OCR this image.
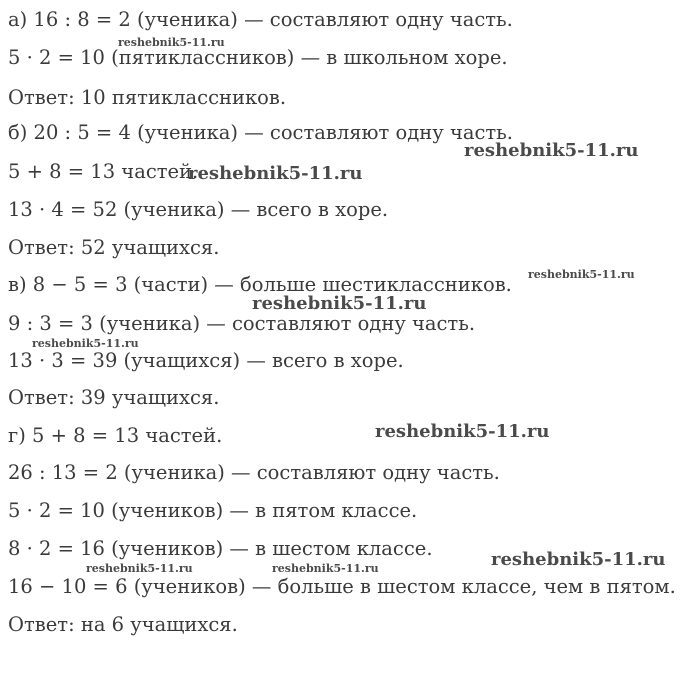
а) 16 : 8 = 2 (ученика) — составляют одну часть.
5 · 2 = 10 (пятиклассников) — в школьном хоре.
Ответ: 10 пятиклассников.
б) 20 : 5 = 4 (ученика) — составляют одну часть.
5 + 8 = 13 частей.
13 · 4 = 52 (ученика) — всего в хоре.
Ответ: 52 учащихся.
в) 8 − 5 = 3 (части) — больше шестиклассников.
9 : 3 = 3 (ученика) — составляют одну часть.
13 · 3 = 39 (учащихся) — всего в хоре.
Ответ: 39 учащихся.
г) 5 + 8 = 13 частей.
26 : 13 = 2 (ученика) — составляют одну часть.
5 · 2 = 10 (учеников) — в пятом классе.
8 · 2 = 16 (учеников) — в шестом классе.
16 − 10 = 6 (учеников) — больше в шестом классе, чем в пятом.
Ответ: на 6 учащихся.
reshebnik5-11.ru
reshebnik5-11.ru
reshebnik5-11.ru
reshebnik5-11.ru
reshebnik5-11.ru
reshebnik5-11.ru
reshebnik5-11.ru
reshebnik5-11.ru
reshebnik5-11.ru	reshebnik5-11.ru
